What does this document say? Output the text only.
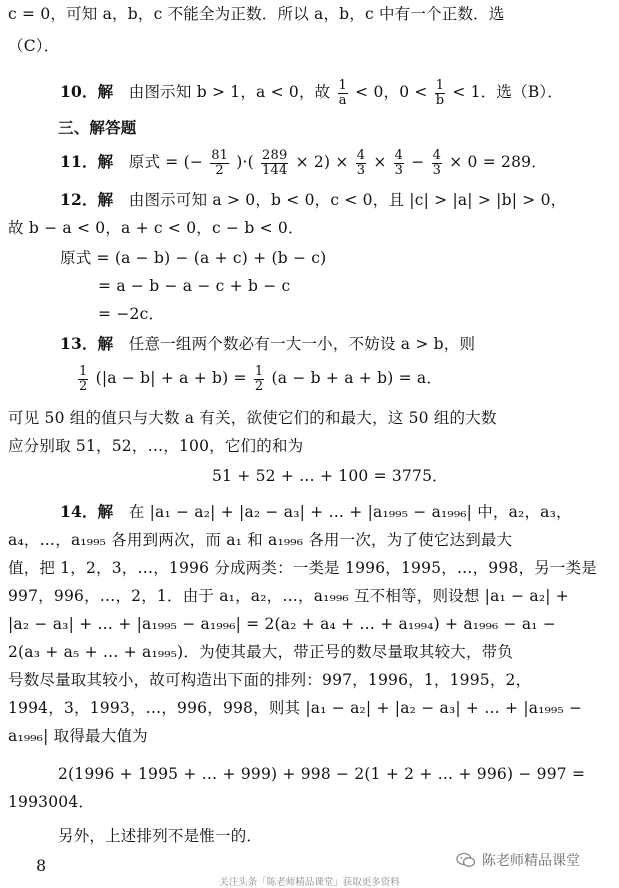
c = 0，可知 a，b，c 不能全为正数．所以 a，b，c 中有一个正数．选
（C）．
10．解 由图示知 b > 1，a < 0，故 $\frac{1}{a} < 0$，$0 < \frac{1}{b} < 1$．选（B）．
三、解答题
11．解 原式 = (− $\frac{81}{2}$ )·( $\frac{289}{144} \times 2) \times \frac{4}{3} \times \frac{4}{3} - \frac{4}{3} \times 0 = 289$．
12．解 由图示可知 a > 0，b < 0，c < 0，且 |c| > |a| > |b| > 0，
故 b − a < 0，a + c < 0，c − b < 0．
原式 = (a − b) − (a + c) + (b − c)
= a − b − a − c + b − c
= −2c．
13．解 任意一组两个数必有一大一小，不妨设 a > b，则
$\frac{1}{2} (|a - b| + a + b) = \frac{1}{2} (a - b + a + b) = a$．
可见 50 组的值只与大数 a 有关，欲使它们的和最大，这 50 组的大数
应分别取 51，52，…，100，它们的和为
51 + 52 + … + 100 = 3775．
14．解 在 |a₁ − a₂| + |a₂ − a₃| + … + |a₁₉₉₅ − a₁₉₉₆| 中，a₂，a₃，
a₄，…，a₁₉₉₅ 各用到两次，而 a₁ 和 a₁₉₉₆ 各用一次，为了使它达到最大
值，把 1，2，3，…，1996 分成两类：一类是 1996，1995，…，998，另一类是
997，996，…，2，1．由于 a₁，a₂，…，a₁₉₉₆ 互不相等，则设想 |a₁ − a₂| +
|a₂ − a₃| + … + |a₁₉₉₅ − a₁₉₉₆| = 2(a₂ + a₄ + … + a₁₉₉₄) + a₁₉₉₆ − a₁ −
2(a₃ + a₅ + … + a₁₉₉₅)．为使其最大，带正号的数尽量取其较大，带负
号数尽量取其较小，故可构造出下面的排列：997，1996，1，1995，2，
1994，3，1993，…，996，998，则其 |a₁ − a₂| + |a₂ − a₃| + … + |a₁₉₉₅ −
a₁₉₉₆| 取得最大值为
2(1996 + 1995 + … + 999) + 998 − 2(1 + 2 + … + 996) − 997 =
1993004．
另外，上述排列不是惟一的．
8	陈老师精品课堂
关注头条「陈老师精品课堂」获取更多资料
